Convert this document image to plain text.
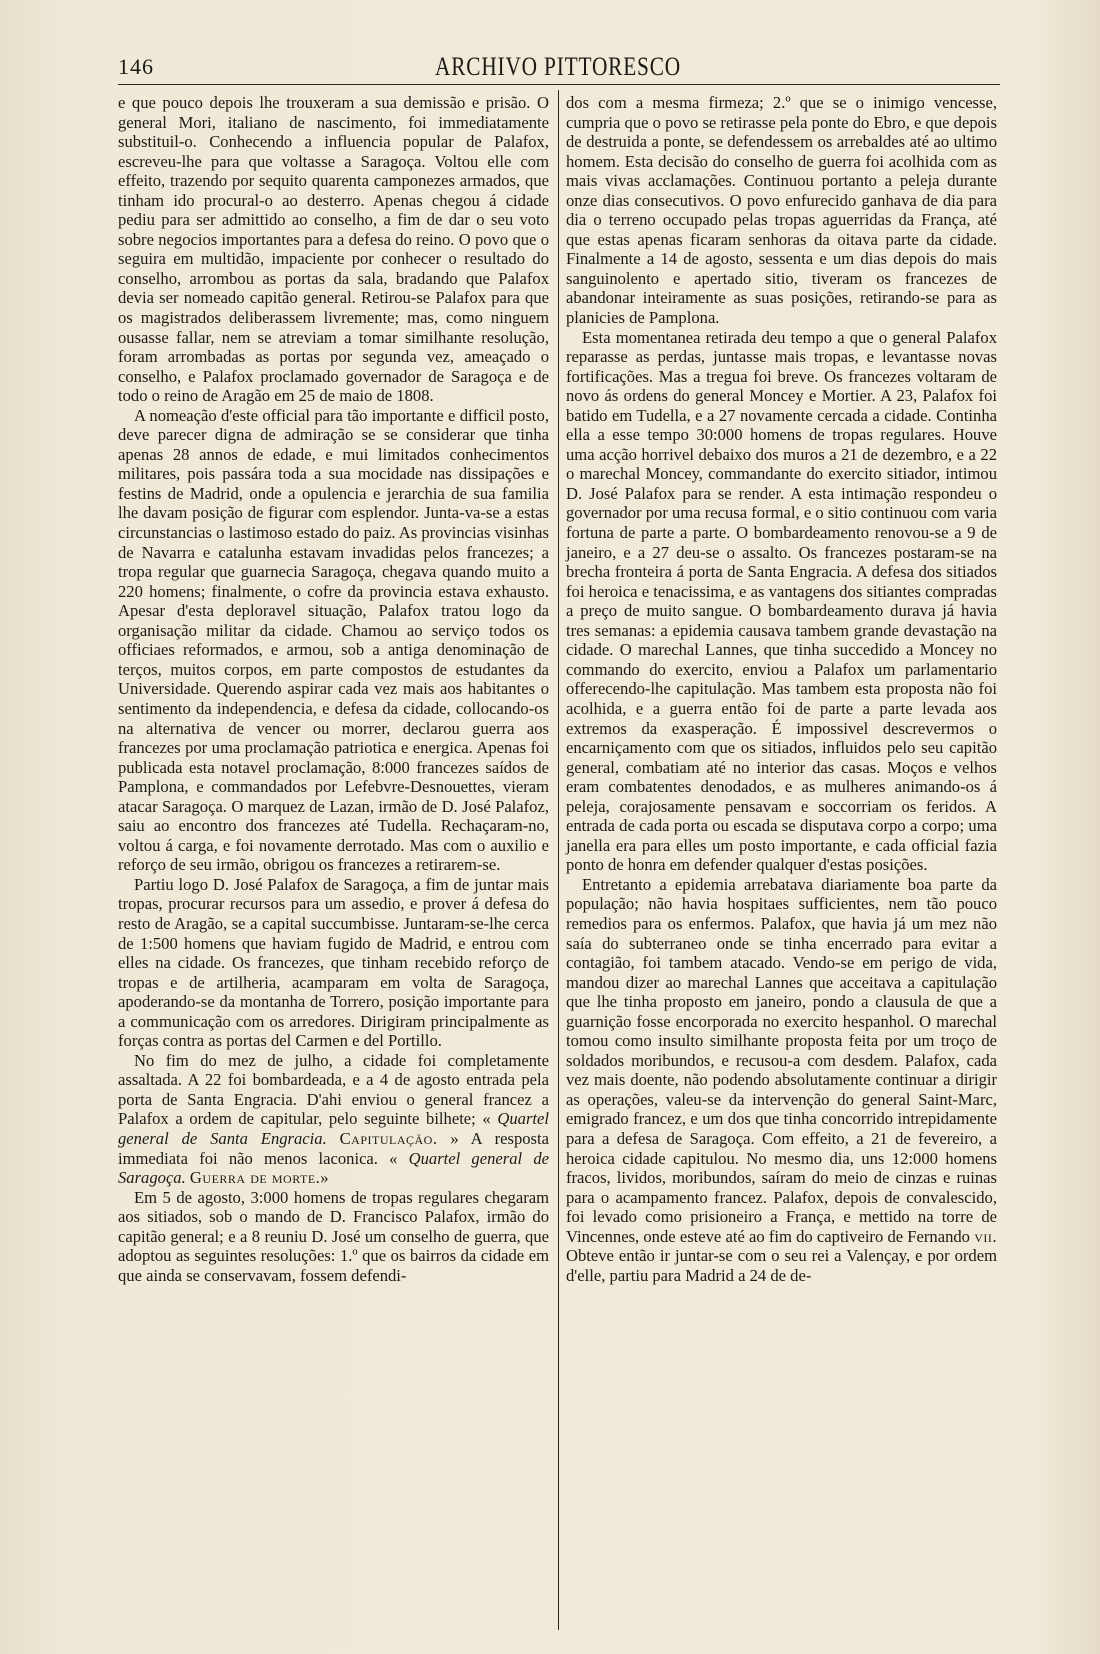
146	ARCHIVO PITTORESCO

e que pouco depois lhe trouxeram a sua demissão e prisão. O general Mori, italiano de nascimento, foi immediatamente substituil-o. Conhecendo a influencia popular de Palafox, escreveu-lhe para que voltasse a Saragoça. Voltou elle com effeito, trazendo por sequito quarenta camponezes armados, que tinham ido procural-o ao desterro. Apenas chegou á cidade pediu para ser admittido ao conselho, a fim de dar o seu voto sobre negocios importantes para a defesa do reino. O povo que o seguira em multidão, impaciente por conhecer o resultado do conselho, arrombou as portas da sala, bradando que Palafox devia ser nomeado capitão general. Retirou-se Palafox para que os magistrados deliberassem livremente; mas, como ninguem ousasse fallar, nem se atreviam a tomar similhante resolução, foram arrombadas as portas por segunda vez, ameaçado o conselho, e Palafox proclamado governador de Saragoça e de todo o reino de Aragão em 25 de maio de 1808.

A nomeação d'este official para tão importante e difficil posto, deve parecer digna de admiração se se considerar que tinha apenas 28 annos de edade, e mui limitados conhecimentos militares, pois passára toda a sua mocidade nas dissipações e festins de Madrid, onde a opulencia e jerarchia de sua familia lhe davam posição de figurar com esplendor. Junta-va-se a estas circunstancias o lastimoso estado do paiz. As provincias visinhas de Navarra e catalunha estavam invadidas pelos francezes; a tropa regular que guarnecia Saragoça, chegava quando muito a 220 homens; finalmente, o cofre da provincia estava exhausto. Apesar d'esta deploravel situação, Palafox tratou logo da organisação militar da cidade. Chamou ao serviço todos os officiaes reformados, e armou, sob a antiga denominação de terços, muitos corpos, em parte compostos de estudantes da Universidade. Querendo aspirar cada vez mais aos habitantes o sentimento da independencia, e defesa da cidade, collocando-os na alternativa de vencer ou morrer, declarou guerra aos francezes por uma proclamação patriotica e energica. Apenas foi publicada esta notavel proclamação, 8:000 francezes saídos de Pamplona, e commandados por Lefebvre-Desnouettes, vieram atacar Saragoça. O marquez de Lazan, irmão de D. José Palafoz, saiu ao encontro dos francezes até Tudella. Rechaçaram-no, voltou á carga, e foi novamente derrotado. Mas com o auxilio e reforço de seu irmão, obrigou os francezes a retirarem-se.

Partiu logo D. José Palafox de Saragoça, a fim de juntar mais tropas, procurar recursos para um assedio, e prover á defesa do resto de Aragão, se a capital succumbisse. Juntaram-se-lhe cerca de 1:500 homens que haviam fugido de Madrid, e entrou com elles na cidade. Os francezes, que tinham recebido reforço de tropas e de artilheria, acamparam em volta de Saragoça, apoderando-se da montanha de Torrero, posição importante para a communicação com os arredores. Dirigiram principalmente as forças contra as portas del Carmen e del Portillo.

No fim do mez de julho, a cidade foi completamente assaltada. A 22 foi bombardeada, e a 4 de agosto entrada pela porta de Santa Engracia. D'ahi enviou o general francez a Palafox a ordem de capitular, pelo seguinte bilhete; « Quartel general de Santa Engracia. Capitulação. » A resposta immediata foi não menos laconica. « Quartel general de Saragoça. Guerra de morte.»

Em 5 de agosto, 3:000 homens de tropas regulares chegaram aos sitiados, sob o mando de D. Francisco Palafox, irmão do capitão general; e a 8 reuniu D. José um conselho de guerra, que adoptou as seguintes resoluções: 1.º que os bairros da cidade em que ainda se conservavam, fossem defendi-

dos com a mesma firmeza; 2.º que se o inimigo vencesse, cumpria que o povo se retirasse pela ponte do Ebro, e que depois de destruida a ponte, se defendessem os arrebaldes até ao ultimo homem. Esta decisão do conselho de guerra foi acolhida com as mais vivas acclamações. Continuou portanto a peleja durante onze dias consecutivos. O povo enfurecido ganhava de dia para dia o terreno occupado pelas tropas aguerridas da França, até que estas apenas ficaram senhoras da oitava parte da cidade. Finalmente a 14 de agosto, sessenta e um dias depois do mais sanguinolento e apertado sitio, tiveram os francezes de abandonar inteiramente as suas posições, retirando-se para as planicies de Pamplona.

Esta momentanea retirada deu tempo a que o general Palafox reparasse as perdas, juntasse mais tropas, e levantasse novas fortificações. Mas a tregua foi breve. Os francezes voltaram de novo ás ordens do general Moncey e Mortier. A 23, Palafox foi batido em Tudella, e a 27 novamente cercada a cidade. Continha ella a esse tempo 30:000 homens de tropas regulares. Houve uma acção horrivel debaixo dos muros a 21 de dezembro, e a 22 o marechal Moncey, commandante do exercito sitiador, intimou D. José Palafox para se render. A esta intimação respondeu o governador por uma recusa formal, e o sitio continuou com varia fortuna de parte a parte. O bombardeamento renovou-se a 9 de janeiro, e a 27 deu-se o assalto. Os francezes postaram-se na brecha fronteira á porta de Santa Engracia. A defesa dos sitiados foi heroica e tenacissima, e as vantagens dos sitiantes compradas a preço de muito sangue. O bombardeamento durava já havia tres semanas: a epidemia causava tambem grande devastação na cidade. O marechal Lannes, que tinha succedido a Moncey no commando do exercito, enviou a Palafox um parlamentario offerecendo-lhe capitulação. Mas tambem esta proposta não foi acolhida, e a guerra então foi de parte a parte levada aos extremos da exasperação. É impossivel descrevermos o encarniçamento com que os sitiados, influidos pelo seu capitão general, combatiam até no interior das casas. Moços e velhos eram combatentes denodados, e as mulheres animando-os á peleja, corajosamente pensavam e soccorriam os feridos. A entrada de cada porta ou escada se disputava corpo a corpo; uma janella era para elles um posto importante, e cada official fazia ponto de honra em defender qualquer d'estas posições.

Entretanto a epidemia arrebatava diariamente boa parte da população; não havia hospitaes sufficientes, nem tão pouco remedios para os enfermos. Palafox, que havia já um mez não saía do subterraneo onde se tinha encerrado para evitar a contagião, foi tambem atacado. Vendo-se em perigo de vida, mandou dizer ao marechal Lannes que acceitava a capitulação que lhe tinha proposto em janeiro, pondo a clausula de que a guarnição fosse encorporada no exercito hespanhol. O marechal tomou como insulto similhante proposta feita por um troço de soldados moribundos, e recusou-a com desdem. Palafox, cada vez mais doente, não podendo absolutamente continuar a dirigir as operações, valeu-se da intervenção do general Saint-Marc, emigrado francez, e um dos que tinha concorrido intrepidamente para a defesa de Saragoça. Com effeito, a 21 de fevereiro, a heroica cidade capitulou. No mesmo dia, uns 12:000 homens fracos, lividos, moribundos, saíram do meio de cinzas e ruinas para o acampamento francez. Palafox, depois de convalescido, foi levado como prisioneiro a França, e mettido na torre de Vincennes, onde esteve até ao fim do captiveiro de Fernando vii. Obteve então ir juntar-se com o seu rei a Valençay, e por ordem d'elle, partiu para Madrid a 24 de de-
